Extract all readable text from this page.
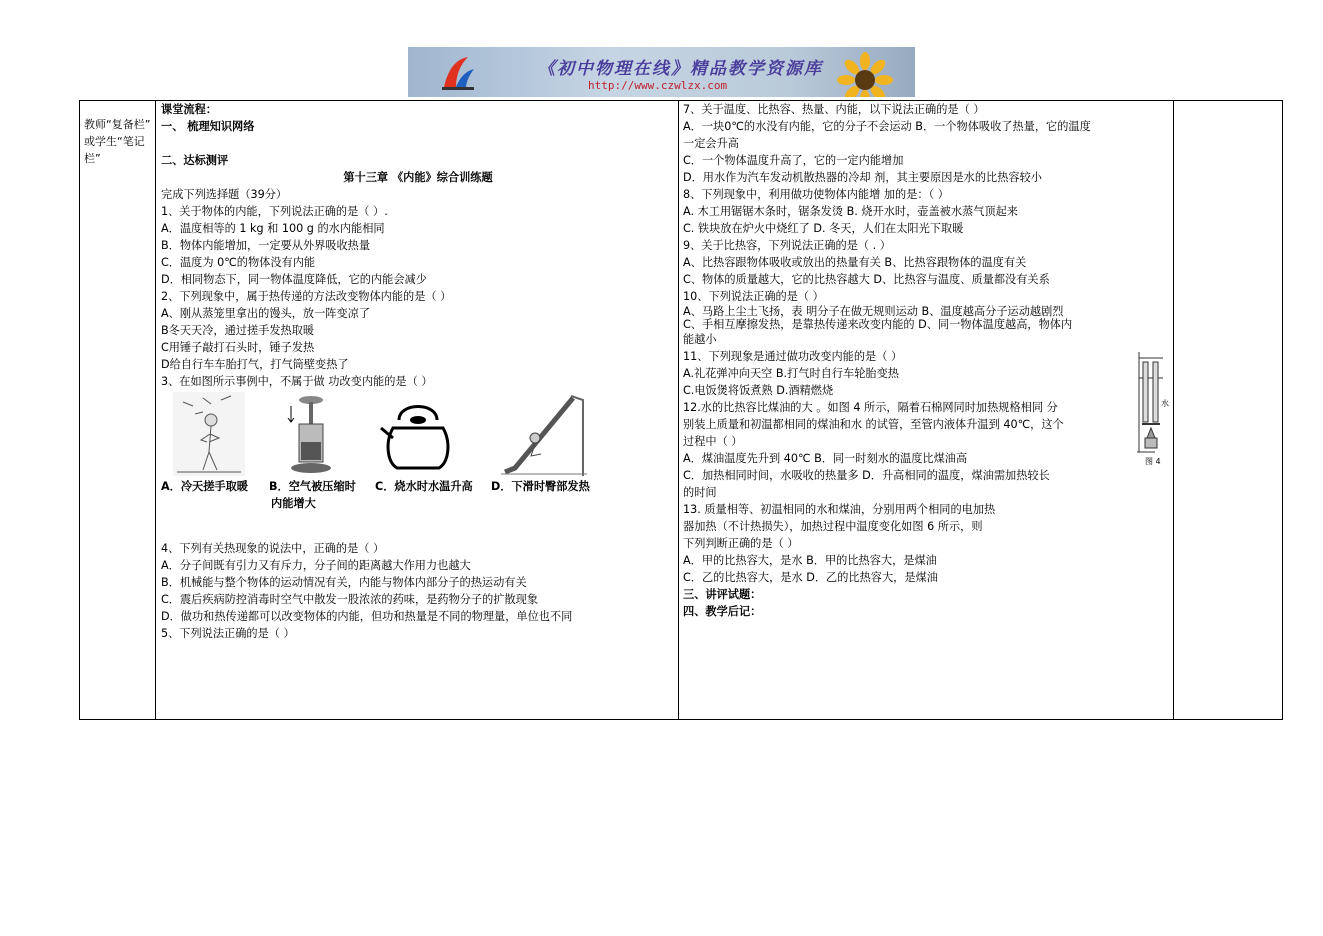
《初中物理在线》精品教学资源库
http://www.czwlzx.com
教师“复备栏”
或学生“笔记
栏”
课堂流程：
一、 梳理知识网络
二、达标测评
第十三章 《内能》综合训练题
完成下列选择题（39分）
1、关于物体的内能，下列说法正确的是（ ）.
A．温度相等的 1 kg 和 100 g 的水内能相同
B．物体内能增加，一定要从外界吸收热量
C．温度为 0℃的物体没有内能
D．相同物态下，同一物体温度降低，它的内能会减少
2、下列现象中，属于热传递的方法改变物体内能的是（ ）
A、刚从蒸笼里拿出的馒头，放一阵变凉了
B冬天天冷，通过搓手发热取暖
C用锤子敲打石头时，锤子发热
D给自行车车胎打气，打气筒壁变热了
3、在如图所示事例中，不属于做 功改变内能的是（ ）
A．冷天搓手取暖 B．空气被压缩时
内能增大
C．烧水时水温升高 D．下滑时臀部发热
4、下列有关热现象的说法中，正确的是（ ）
A．分子间既有引力又有斥力，分子间的距离越大作用力也越大
B．机械能与整个物体的运动情况有关，内能与物体内部分子的热运动有关
C．震后疾病防控消毒时空气中散发一股浓浓的药味，是药物分子的扩散现象
D．做功和热传递都可以改变物体的内能，但功和热量是不同的物理量，单位也不同
5、下列说法正确的是（ ）
7、关于温度、比热容、热量、内能，以下说法正确的是（ ）
A．一块0℃的水没有内能，它的分子不会运动 B．一个物体吸收了热量，它的温度
一定会升高
C．一个物体温度升高了，它的一定内能增加
D．用水作为汽车发动机散热器的冷却 剂，其主要原因是水的比热容较小
8、下列现象中，利用做功使物体内能增 加的是：（ ）
A. 木工用锯锯木条时，锯条发烫 B. 烧开水时，壶盖被水蒸气顶起来
C. 铁块放在炉火中烧红了 D. 冬天，人们在太阳光下取暖
9、关于比热容，下列说法正确的是（ . ）
A、比热容跟物体吸收或放出的热量有关 B、比热容跟物体的温度有关
C、物体的质量越大，它的比热容越大 D、比热容与温度、质量都没有关系
10、下列说法正确的是（ ）
A、马路上尘土飞扬，表 明分子在做无规则运动 B、温度越高分子运动越剧烈
C、手相互摩擦发热，是靠热传递来改变内能的 D、同一物体温度越高，物体内
能越小
11、下列现象是通过做功改变内能的是（ ）
A.礼花弹冲向天空 B.打气时自行车轮胎变热
C.电饭煲将饭煮熟 D.酒精燃烧
12.水的比热容比煤油的大 。如图 4 所示，隔着石棉网同时加热规格相同 分
别装上质量和初温都相同的煤油和水 的试管，至管内液体升温到 40℃，这个
过程中（ ）
A．煤油温度先升到 40℃ B．同一时刻水的温度比煤油高
C．加热相同时间，水吸收的热量多 D．升高相同的温度，煤油需加热较长
的时间
13. 质量相等、初温相同的水和煤油，分别用两个相同的电加热
器加热（不计热损失），加热过程中温度变化如图 6 所示，则
下列判断正确的是（ ）
A．甲的比热容大，是水 B．甲的比热容大，是煤油
C．乙的比热容大，是水 D．乙的比热容大，是煤油
三、讲评试题：
四、教学后记：
水
图 4
